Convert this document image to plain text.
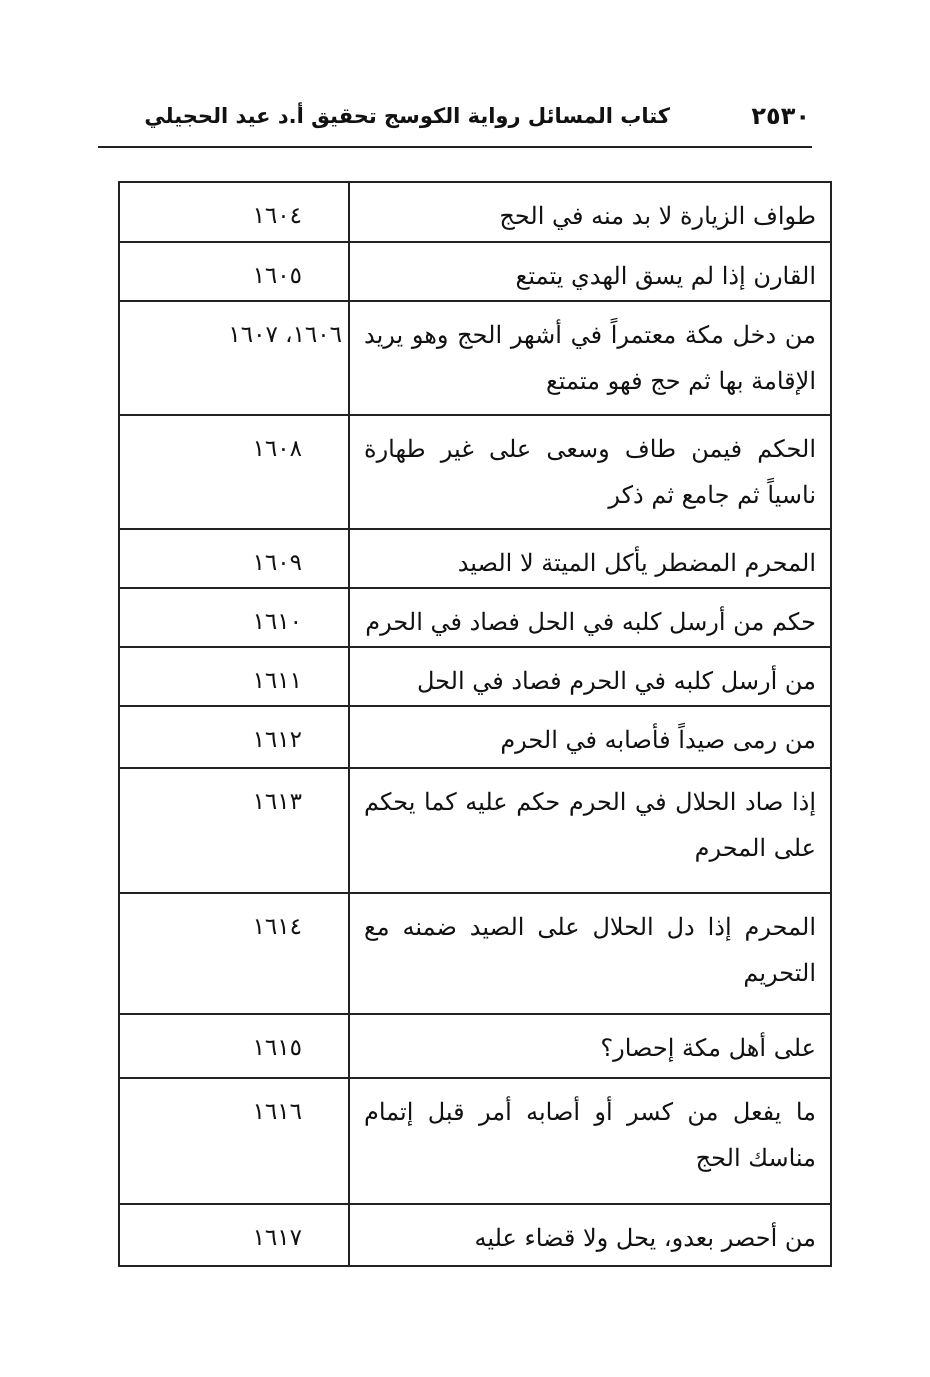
٢٥٣٠
كتاب المسائل رواية الكوسج تحقيق أ.د عيد الحجيلي
طواف الزيارة لا بد منه في الحج
١٦٠٤
القارن إذا لم يسق الهدي يتمتع
١٦٠٥
من دخل مكة معتمراً في أشهر الحج وهو يريد الإقامة بها ثم حج فهو متمتع
١٦٠٦، ١٦٠٧
الحكم فيمن طاف وسعى على غير طهارة ناسياً ثم جامع ثم ذكر
١٦٠٨
المحرم المضطر يأكل الميتة لا الصيد
١٦٠٩
حكم من أرسل كلبه في الحل فصاد في الحرم
١٦١٠
من أرسل كلبه في الحرم فصاد في الحل
١٦١١
من رمى صيداً فأصابه في الحرم
١٦١٢
إذا صاد الحلال في الحرم حكم عليه كما يحكم على المحرم
١٦١٣
المحرم إذا دل الحلال على الصيد ضمنه مع التحريم
١٦١٤
على أهل مكة إحصار؟
١٦١٥
ما يفعل من كسر أو أصابه أمر قبل إتمام مناسك الحج
١٦١٦
من أحصر بعدو، يحل ولا قضاء عليه
١٦١٧
